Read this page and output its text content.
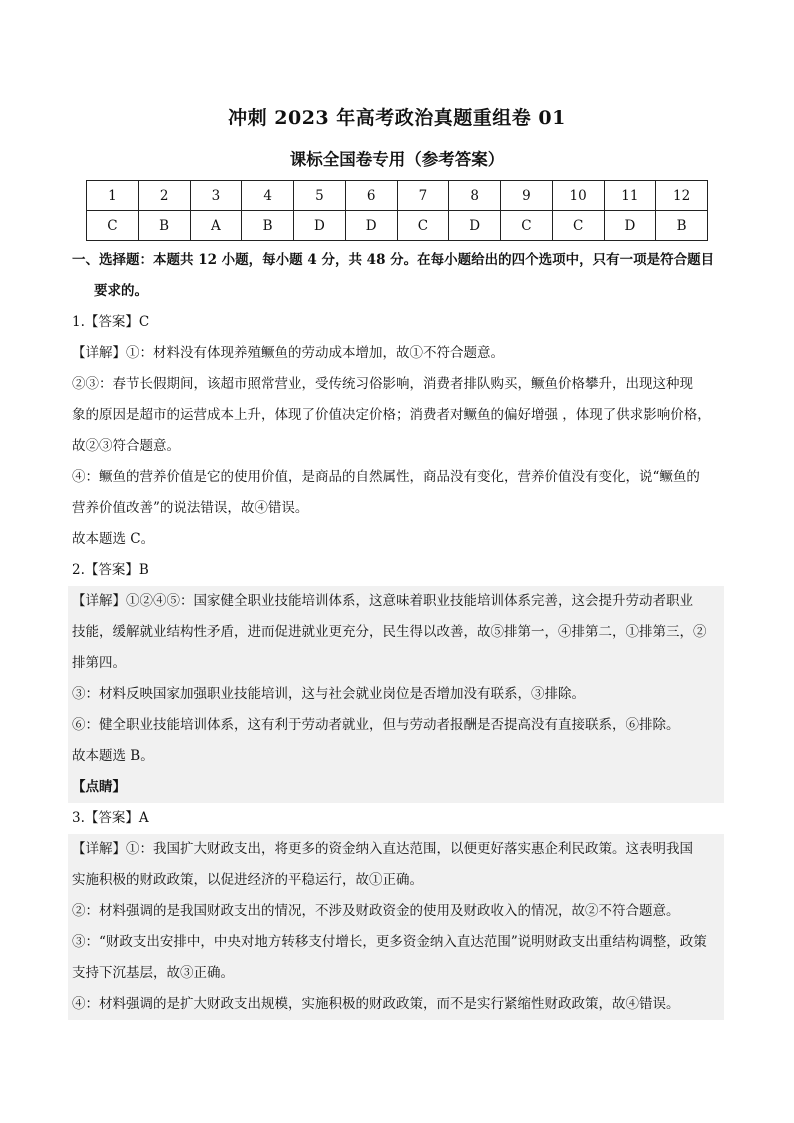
冲刺 2023 年高考政治真题重组卷 01
课标全国卷专用（参考答案）
1	2	3	4	5	6	7	8	9	10	11	12
C	B	A	B	D	D	C	D	C	C	D	B
一、选择题：本题共 12 小题，每小题 4 分，共 48 分。在每小题给出的四个选项中，只有一项是符合题目
要求的。
1.【答案】C
【详解】①：材料没有体现养殖鳜鱼的劳动成本增加，故①不符合题意。
②③：春节长假期间，该超市照常营业，受传统习俗影响，消费者排队购买，鳜鱼价格攀升，出现这种现
象的原因是超市的运营成本上升，体现了价值决定价格；消费者对鳜鱼的偏好增强 ，体现了供求影响价格，
故②③符合题意。
④：鳜鱼的营养价值是它的使用价值，是商品的自然属性，商品没有变化，营养价值没有变化，说“鳜鱼的
营养价值改善”的说法错误，故④错误。
故本题选 C。
2.【答案】B
【详解】①②④⑤：国家健全职业技能培训体系，这意味着职业技能培训体系完善，这会提升劳动者职业
技能，缓解就业结构性矛盾，进而促进就业更充分，民生得以改善，故⑤排第一，④排第二，①排第三，②
排第四。
③：材料反映国家加强职业技能培训，这与社会就业岗位是否增加没有联系，③排除。
⑥：健全职业技能培训体系，这有利于劳动者就业，但与劳动者报酬是否提高没有直接联系，⑥排除。
故本题选 B。
【点睛】
3.【答案】A
【详解】①：我国扩大财政支出，将更多的资金纳入直达范围，以便更好落实惠企利民政策。这表明我国
实施积极的财政政策，以促进经济的平稳运行，故①正确。
②：材料强调的是我国财政支出的情况，不涉及财政资金的使用及财政收入的情况，故②不符合题意。
③：“财政支出安排中，中央对地方转移支付增长，更多资金纳入直达范围”说明财政支出重结构调整，政策
支持下沉基层，故③正确。
④：材料强调的是扩大财政支出规模，实施积极的财政政策，而不是实行紧缩性财政政策，故④错误。
